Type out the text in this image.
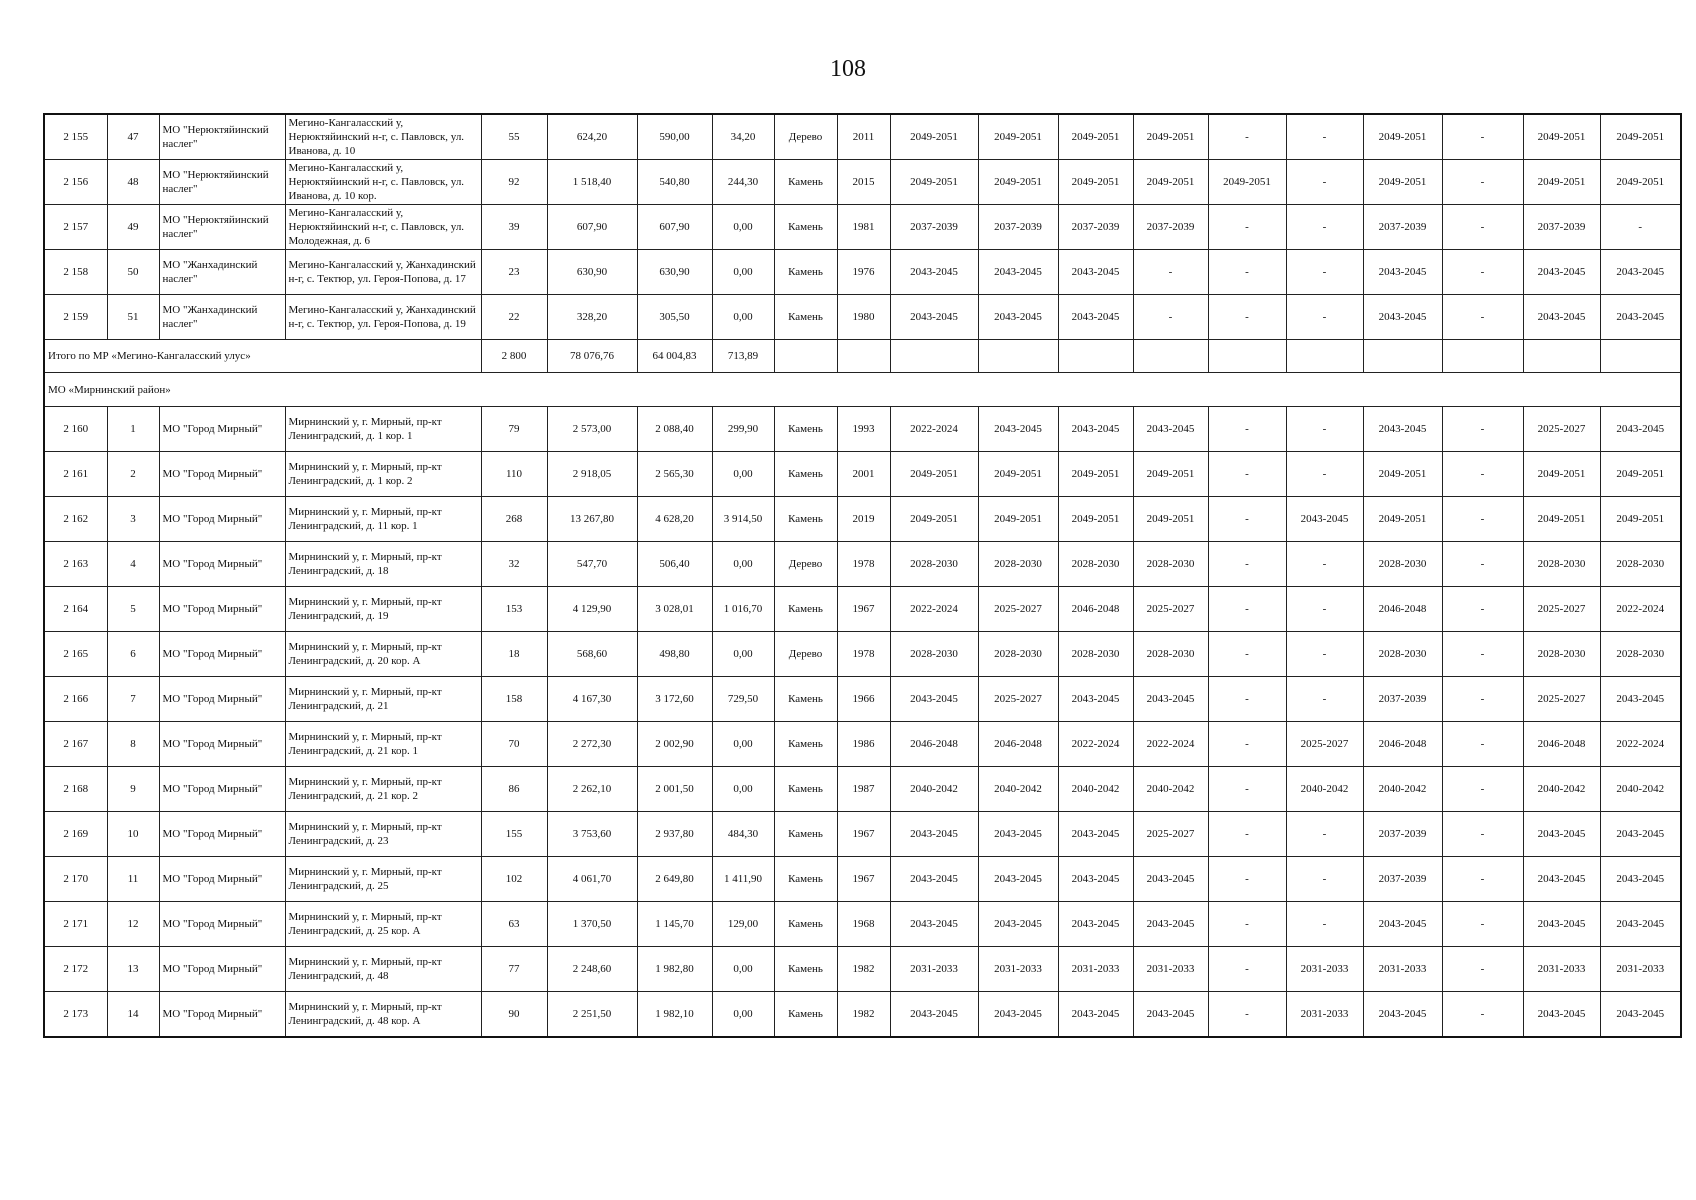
108
2 155	47	МО "Нерюктяйинский наслег"	Мегино-Кангаласский у, Нерюктяйинский н-г, с. Павловск, ул. Иванова, д. 10	55	624,20	590,00	34,20	Дерево	2011	2049-2051	2049-2051	2049-2051	2049-2051	-	-	2049-2051	-	2049-2051	2049-2051
2 156	48	МО "Нерюктяйинский наслег"	Мегино-Кангаласский у, Нерюктяйинский н-г, с. Павловск, ул. Иванова, д. 10 кор.	92	1 518,40	540,80	244,30	Камень	2015	2049-2051	2049-2051	2049-2051	2049-2051	2049-2051	-	2049-2051	-	2049-2051	2049-2051
2 157	49	МО "Нерюктяйинский наслег"	Мегино-Кангаласский у, Нерюктяйинский н-г, с. Павловск, ул. Молодежная, д. 6	39	607,90	607,90	0,00	Камень	1981	2037-2039	2037-2039	2037-2039	2037-2039	-	-	2037-2039	-	2037-2039	-
2 158	50	МО "Жанхадинский наслег"	Мегино-Кангаласский у, Жанхадинский н-г, с. Тектюр, ул. Героя-Попова, д. 17	23	630,90	630,90	0,00	Камень	1976	2043-2045	2043-2045	2043-2045	-	-	-	2043-2045	-	2043-2045	2043-2045
2 159	51	МО "Жанхадинский наслег"	Мегино-Кангаласский у, Жанхадинский н-г, с. Тектюр, ул. Героя-Попова, д. 19	22	328,20	305,50	0,00	Камень	1980	2043-2045	2043-2045	2043-2045	-	-	-	2043-2045	-	2043-2045	2043-2045
Итого по МР «Мегино-Кангаласский улус»				2 800	78 076,76	64 004,83	713,89												
МО «Мирнинский район»																			
2 160	1	МО "Город Мирный"	Мирнинский у, г. Мирный, пр-кт Ленинградский, д. 1 кор. 1	79	2 573,00	2 088,40	299,90	Камень	1993	2022-2024	2043-2045	2043-2045	2043-2045	-	-	2043-2045	-	2025-2027	2043-2045
2 161	2	МО "Город Мирный"	Мирнинский у, г. Мирный, пр-кт Ленинградский, д. 1 кор. 2	110	2 918,05	2 565,30	0,00	Камень	2001	2049-2051	2049-2051	2049-2051	2049-2051	-	-	2049-2051	-	2049-2051	2049-2051
2 162	3	МО "Город Мирный"	Мирнинский у, г. Мирный, пр-кт Ленинградский, д. 11 кор. 1	268	13 267,80	4 628,20	3 914,50	Камень	2019	2049-2051	2049-2051	2049-2051	2049-2051	-	2043-2045	2049-2051	-	2049-2051	2049-2051
2 163	4	МО "Город Мирный"	Мирнинский у, г. Мирный, пр-кт Ленинградский, д. 18	32	547,70	506,40	0,00	Дерево	1978	2028-2030	2028-2030	2028-2030	2028-2030	-	-	2028-2030	-	2028-2030	2028-2030
2 164	5	МО "Город Мирный"	Мирнинский у, г. Мирный, пр-кт Ленинградский, д. 19	153	4 129,90	3 028,01	1 016,70	Камень	1967	2022-2024	2025-2027	2046-2048	2025-2027	-	-	2046-2048	-	2025-2027	2022-2024
2 165	6	МО "Город Мирный"	Мирнинский у, г. Мирный, пр-кт Ленинградский, д. 20 кор. А	18	568,60	498,80	0,00	Дерево	1978	2028-2030	2028-2030	2028-2030	2028-2030	-	-	2028-2030	-	2028-2030	2028-2030
2 166	7	МО "Город Мирный"	Мирнинский у, г. Мирный, пр-кт Ленинградский, д. 21	158	4 167,30	3 172,60	729,50	Камень	1966	2043-2045	2025-2027	2043-2045	2043-2045	-	-	2037-2039	-	2025-2027	2043-2045
2 167	8	МО "Город Мирный"	Мирнинский у, г. Мирный, пр-кт Ленинградский, д. 21 кор. 1	70	2 272,30	2 002,90	0,00	Камень	1986	2046-2048	2046-2048	2022-2024	2022-2024	-	2025-2027	2046-2048	-	2046-2048	2022-2024
2 168	9	МО "Город Мирный"	Мирнинский у, г. Мирный, пр-кт Ленинградский, д. 21 кор. 2	86	2 262,10	2 001,50	0,00	Камень	1987	2040-2042	2040-2042	2040-2042	2040-2042	-	2040-2042	2040-2042	-	2040-2042	2040-2042
2 169	10	МО "Город Мирный"	Мирнинский у, г. Мирный, пр-кт Ленинградский, д. 23	155	3 753,60	2 937,80	484,30	Камень	1967	2043-2045	2043-2045	2043-2045	2025-2027	-	-	2037-2039	-	2043-2045	2043-2045
2 170	11	МО "Город Мирный"	Мирнинский у, г. Мирный, пр-кт Ленинградский, д. 25	102	4 061,70	2 649,80	1 411,90	Камень	1967	2043-2045	2043-2045	2043-2045	2043-2045	-	-	2037-2039	-	2043-2045	2043-2045
2 171	12	МО "Город Мирный"	Мирнинский у, г. Мирный, пр-кт Ленинградский, д. 25 кор. А	63	1 370,50	1 145,70	129,00	Камень	1968	2043-2045	2043-2045	2043-2045	2043-2045	-	-	2043-2045	-	2043-2045	2043-2045
2 172	13	МО "Город Мирный"	Мирнинский у, г. Мирный, пр-кт Ленинградский, д. 48	77	2 248,60	1 982,80	0,00	Камень	1982	2031-2033	2031-2033	2031-2033	2031-2033	-	2031-2033	2031-2033	-	2031-2033	2031-2033
2 173	14	МО "Город Мирный"	Мирнинский у, г. Мирный, пр-кт Ленинградский, д. 48 кор. А	90	2 251,50	1 982,10	0,00	Камень	1982	2043-2045	2043-2045	2043-2045	2043-2045	-	2031-2033	2043-2045	-	2043-2045	2043-2045
